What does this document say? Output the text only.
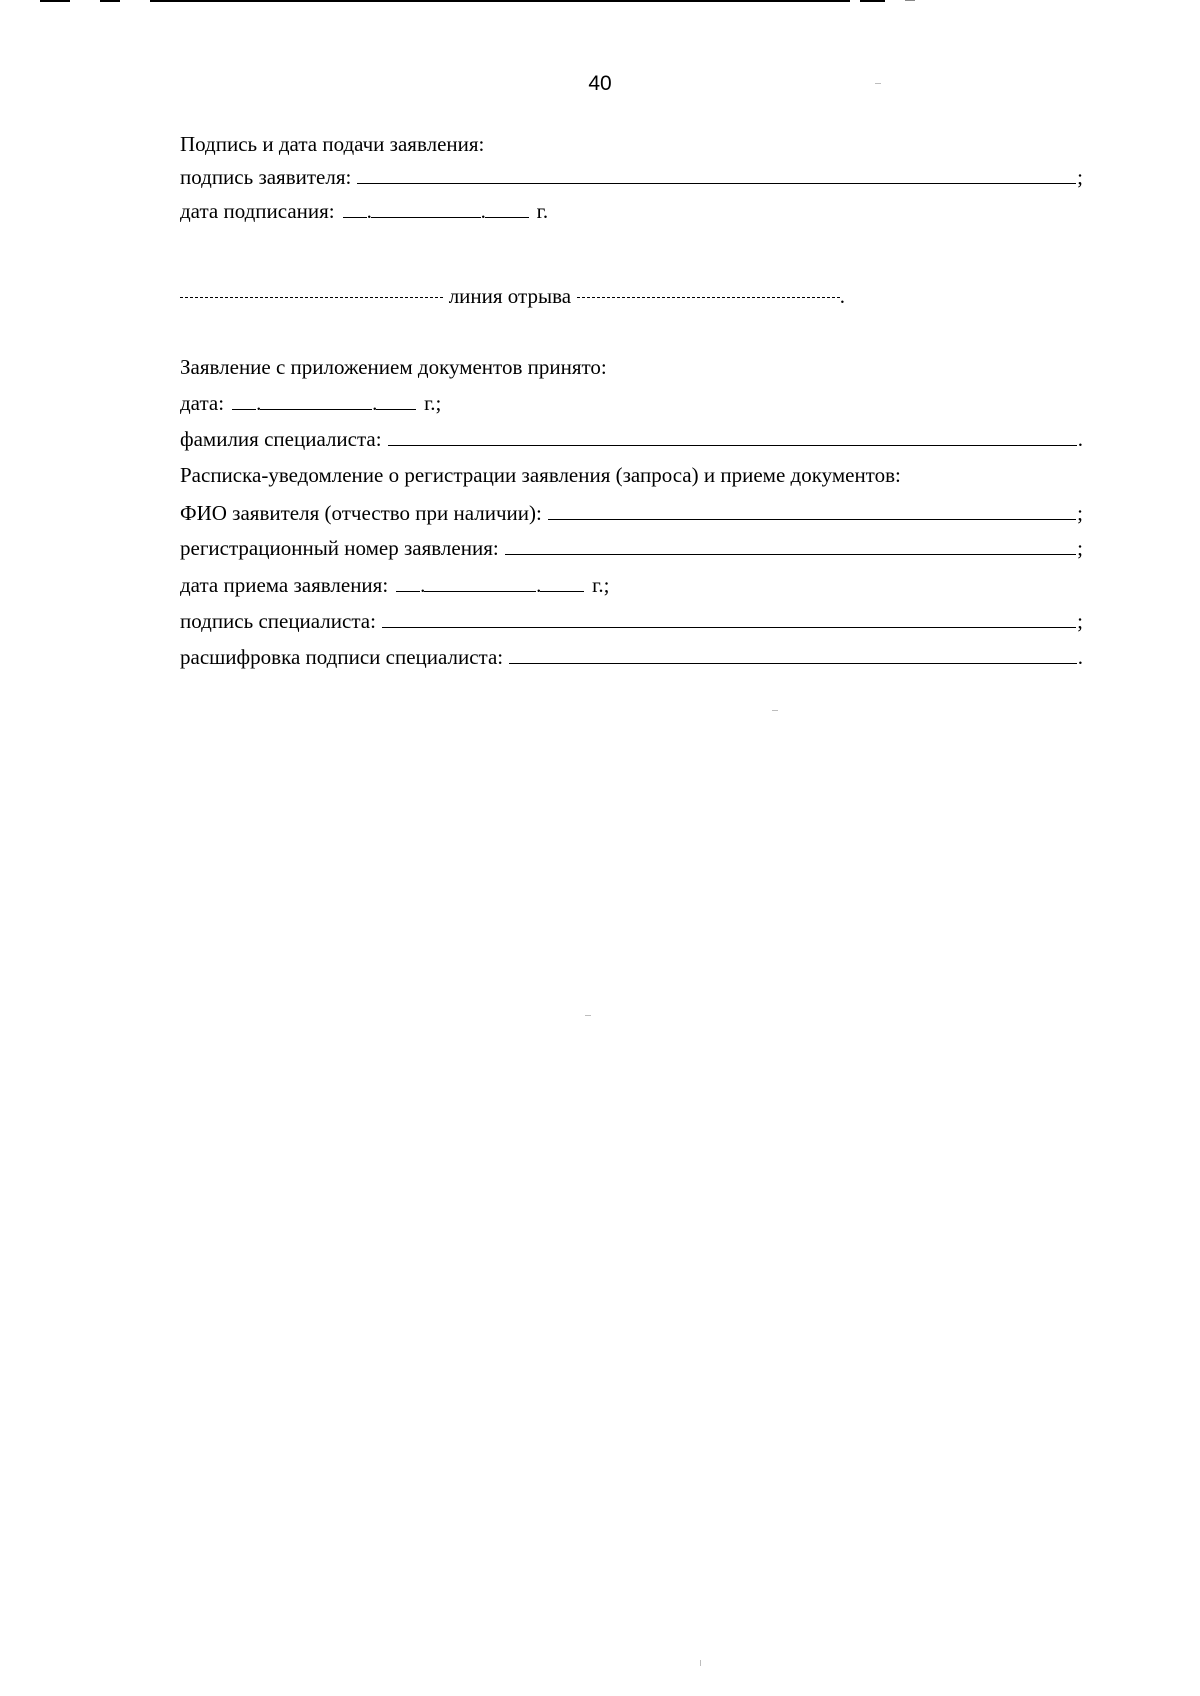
40
Подпись и дата подачи заявления:
подпись заявителя:	;
дата подписания: .	. г.
линия отрыва	.
Заявление с приложением документов принято:
дата: .	. г.;
фамилия специалиста:	.
Расписка-уведомление о регистрации заявления (запроса) и приеме документов:
ФИО заявителя (отчество при наличии):	;
регистрационный номер заявления:	;
дата приема заявления: .	. г.;
подпись специалиста:	;
расшифровка подписи специалиста:	.
